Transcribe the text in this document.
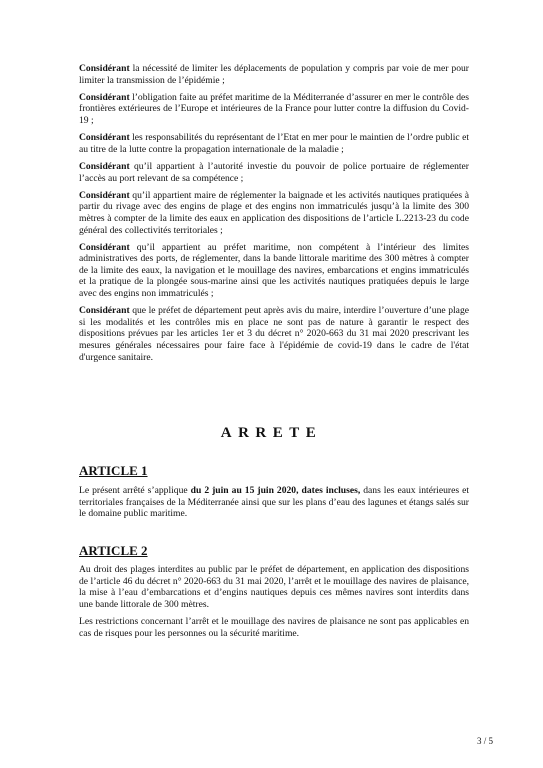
Considérant la nécessité de limiter les déplacements de population y compris par voie de mer pour limiter la transmission de l’épidémie ;

Considérant l’obligation faite au préfet maritime de la Méditerranée d’assurer en mer le contrôle des frontières extérieures de l’Europe et intérieures de la France pour lutter contre la diffusion du Covid-19 ;

Considérant les responsabilités du représentant de l’Etat en mer pour le maintien de l’ordre public et au titre de la lutte contre la propagation internationale de la maladie ;

Considérant qu’il appartient à l’autorité investie du pouvoir de police portuaire de réglementer l’accès au port relevant de sa compétence ;

Considérant qu’il appartient maire de réglementer la baignade et les activités nautiques pratiquées à partir du rivage avec des engins de plage et des engins non immatriculés jusqu’à la limite des 300 mètres à compter de la limite des eaux en application des dispositions de l’article L.2213-23 du code général des collectivités territoriales ;

Considérant qu’il appartient au préfet maritime, non compétent à l’intérieur des limites administratives des ports, de réglementer, dans la bande littorale maritime des 300 mètres à compter de la limite des eaux, la navigation et le mouillage des navires, embarcations et engins immatriculés et la pratique de la plongée sous-marine ainsi que les activités nautiques pratiquées depuis le large avec des engins non immatriculés ;

Considérant que le préfet de département peut après avis du maire, interdire l’ouverture d’une plage si les modalités et les contrôles mis en place ne sont pas de nature à garantir le respect des dispositions prévues par les articles 1er et 3 du décret n° 2020-663 du 31 mai 2020 prescrivant les mesures générales nécessaires pour faire face à l'épidémie de covid-19 dans le cadre de l'état d'urgence sanitaire.

ARRETE
ARTICLE 1

Le présent arrêté s’applique du 2 juin au 15 juin 2020, dates incluses, dans les eaux intérieures et territoriales françaises de la Méditerranée ainsi que sur les plans d’eau des lagunes et étangs salés sur le domaine public maritime.

ARTICLE 2

Au droit des plages interdites au public par le préfet de département, en application des dispositions de l’article 46 du décret n° 2020-663 du 31 mai 2020, l’arrêt et le mouillage des navires de plaisance, la mise à l’eau d’embarcations et d’engins nautiques depuis ces mêmes navires sont interdits dans une bande littorale de 300 mètres.

Les restrictions concernant l’arrêt et le mouillage des navires de plaisance ne sont pas applicables en cas de risques pour les personnes ou la sécurité maritime.

3 / 5
